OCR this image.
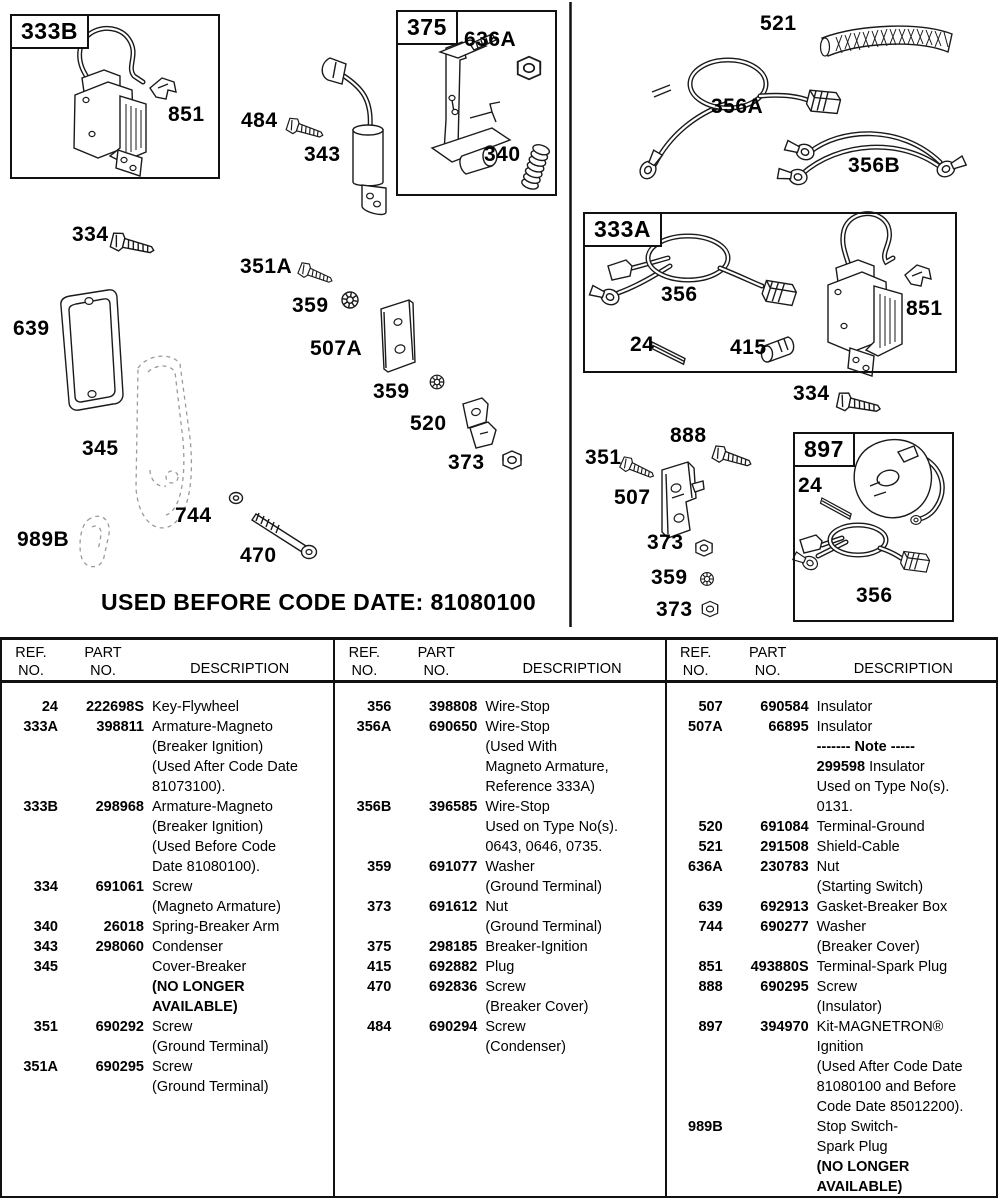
USED BEFORE CODE DATE: 81080100
333B	375
333A
897
851 484
343
636A
340
521
356A
356B
356
24	415
851
334
334
639
351A
359
507A
359
520
373
345
744
470
989B
888
351
507
373
359
373
24
356
REF.
NO.
PART
NO.	DESCRIPTION
REF.
NO.
PART
NO.	DESCRIPTION
REF.
NO.
PART
NO.	DESCRIPTION
24	222698S Key-Flywheel
333A	398811 Armature-Magneto
(Breaker Ignition)
(Used After Code Date
81073100).
333B	298968 Armature-Magneto
(Breaker Ignition)
(Used Before Code
Date 81080100).
334	691061 Screw
(Magneto Armature)
340	26018 Spring-Breaker Arm
343	298060 Condenser
345	Cover-Breaker
(NO LONGER
AVAILABLE)
351	690292 Screw
(Ground Terminal)
351A	690295 Screw
(Ground Terminal)
356	398808 Wire-Stop
356A	690650 Wire-Stop
(Used With
Magneto Armature,
Reference 333A)
356B	396585 Wire-Stop
Used on Type No(s).
0643, 0646, 0735.
359	691077 Washer
(Ground Terminal)
373	691612 Nut
(Ground Terminal)
375	298185 Breaker-Ignition
415	692882 Plug
470	692836 Screw
(Breaker Cover)
484	690294 Screw
(Condenser)
507	690584 Insulator
507A	66895 Insulator
------- Note -----
299598 Insulator
Used on Type No(s).
0131.
520	691084 Terminal-Ground
521	291508 Shield-Cable
636A	230783 Nut
(Starting Switch)
639	692913 Gasket-Breaker Box
744	690277 Washer
(Breaker Cover)
851	493880S Terminal-Spark Plug
888	690295 Screw
(Insulator)
897	394970 Kit-MAGNETRON®
Ignition
(Used After Code Date
81080100 and Before
Code Date 85012200).
989B	Stop Switch-
Spark Plug
(NO LONGER
AVAILABLE)
